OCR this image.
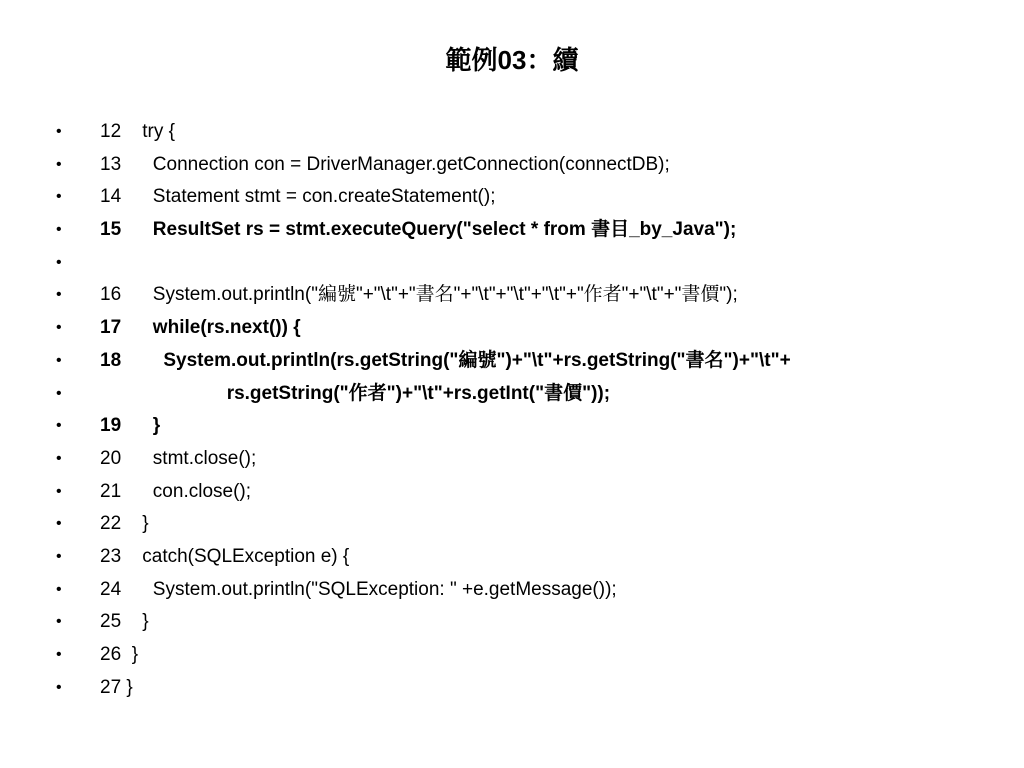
範例03：續
•	12    try {
•	13      Connection con = DriverManager.getConnection(connectDB);
•	14      Statement stmt = con.createStatement();
•	15      ResultSet rs = stmt.executeQuery("select * from 書目_by_Java");
•
•	16      System.out.println("編號"+"\t"+"書名"+"\t"+"\t"+"\t"+"作者"+"\t"+"書價");
•	17      while(rs.next()) {
•	18        System.out.println(rs.getString("編號")+"\t"+rs.getString("書名")+"\t"+
•	rs.getString("作者")+"\t"+rs.getInt("書價"));
•	19      }
•	20      stmt.close();
•	21      con.close();
•	22    }
•	23    catch(SQLException e) {
•	24      System.out.println("SQLException: " +e.getMessage());
•	25    }
•	26  }
•	27 }
